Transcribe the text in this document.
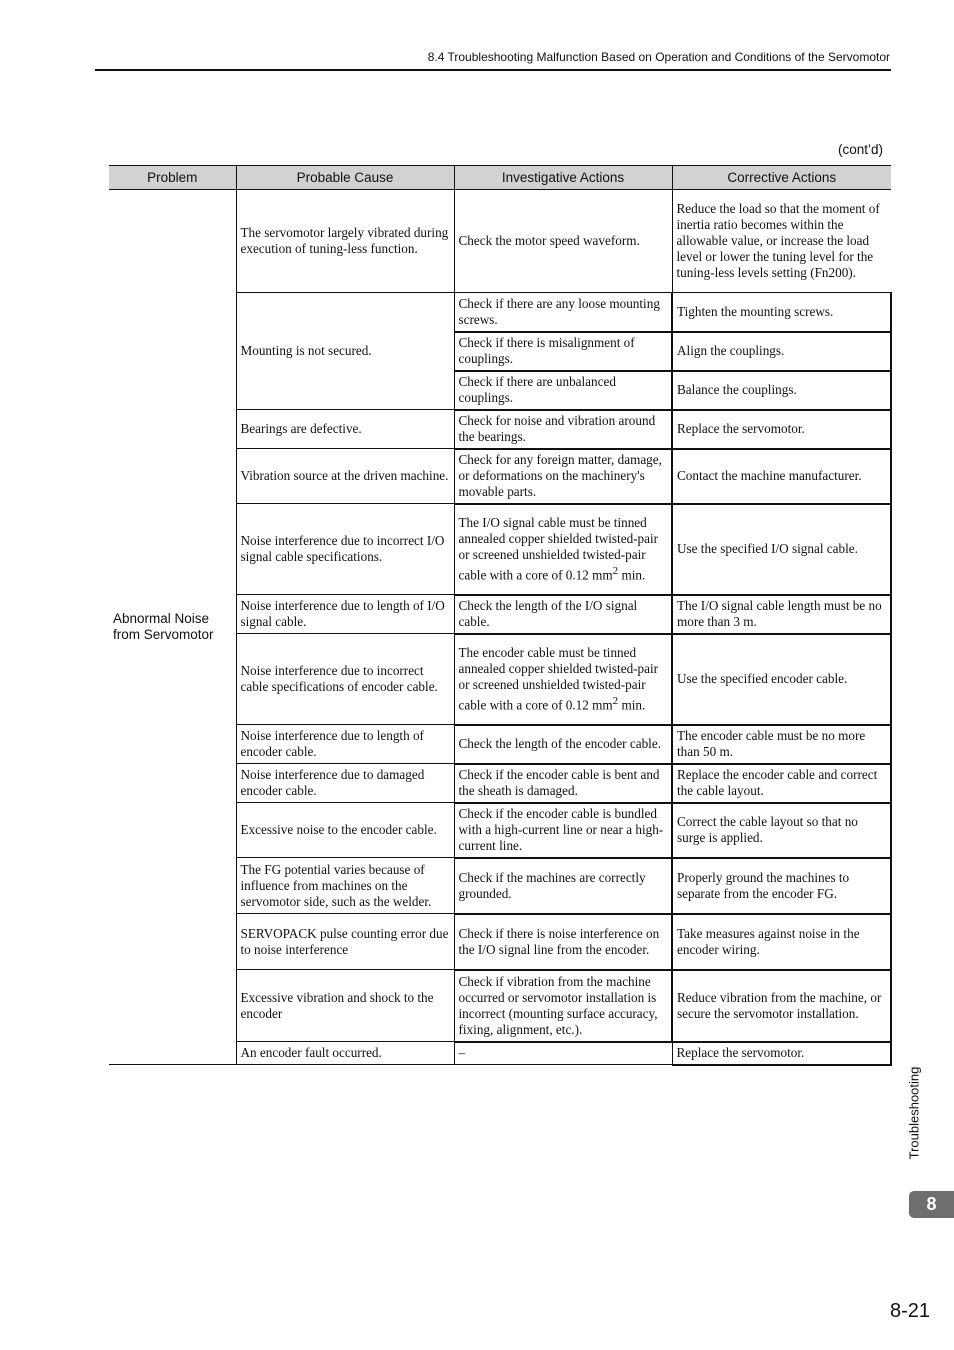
8.4 Troubleshooting Malfunction Based on Operation and Conditions of the Servomotor
(cont’d)
Problem	Probable Cause	Investigative Actions	Corrective Actions
Abnormal Noise from Servomotor	The servomotor largely vibrated during execution of tuning-less function.	Check the motor speed waveform.	Reduce the load so that the moment of inertia ratio becomes within the allowable value, or increase the load level or lower the tuning level for the tuning-less levels setting (Fn200).
	Mounting is not secured.	Check if there are any loose mounting screws.	Tighten the mounting screws.
		Check if there is misalignment of couplings.	Align the couplings.
		Check if there are unbalanced couplings.	Balance the couplings.
	Bearings are defective.	Check for noise and vibration around the bearings.	Replace the servomotor.
	Vibration source at the driven machine.	Check for any foreign matter, damage, or deformations on the machinery's movable parts.	Contact the machine manufacturer.
	Noise interference due to incorrect I/O signal cable specifications.	The I/O signal cable must be tinned annealed copper shielded twisted-pair or screened unshielded twisted-pair cable with a core of 0.12 $mm^2$ min.	Use the specified I/O signal cable.
	Noise interference due to length of I/O signal cable.	Check the length of the I/O signal cable.	The I/O signal cable length must be no more than 3 m.
	Noise interference due to incorrect cable specifications of encoder cable.	The encoder cable must be tinned annealed copper shielded twisted-pair or screened unshielded twisted-pair cable with a core of 0.12 $mm^2$ min.	Use the specified encoder cable.
	Noise interference due to length of encoder cable.	Check the length of the encoder cable.	The encoder cable must be no more than 50 m.
	Noise interference due to damaged encoder cable.	Check if the encoder cable is bent and the sheath is damaged.	Replace the encoder cable and correct the cable layout.
	Excessive noise to the encoder cable.	Check if the encoder cable is bundled with a high-current line or near a high-current line.	Correct the cable layout so that no surge is applied.
	The FG potential varies because of influence from machines on the servomotor side, such as the welder.	Check if the machines are correctly grounded.	Properly ground the machines to separate from the encoder FG.
	SERVOPACK pulse counting error due to noise interference	Check if there is noise interference on the I/O signal line from the encoder.	Take measures against noise in the encoder wiring.
	Excessive vibration and shock to the encoder	Check if vibration from the machine occurred or servomotor installation is incorrect (mounting surface accuracy, fixing, alignment, etc.).	Reduce vibration from the machine, or secure the servomotor installation.
	An encoder fault occurred.	–	Replace the servomotor.
Troubleshooting
8
8-21
